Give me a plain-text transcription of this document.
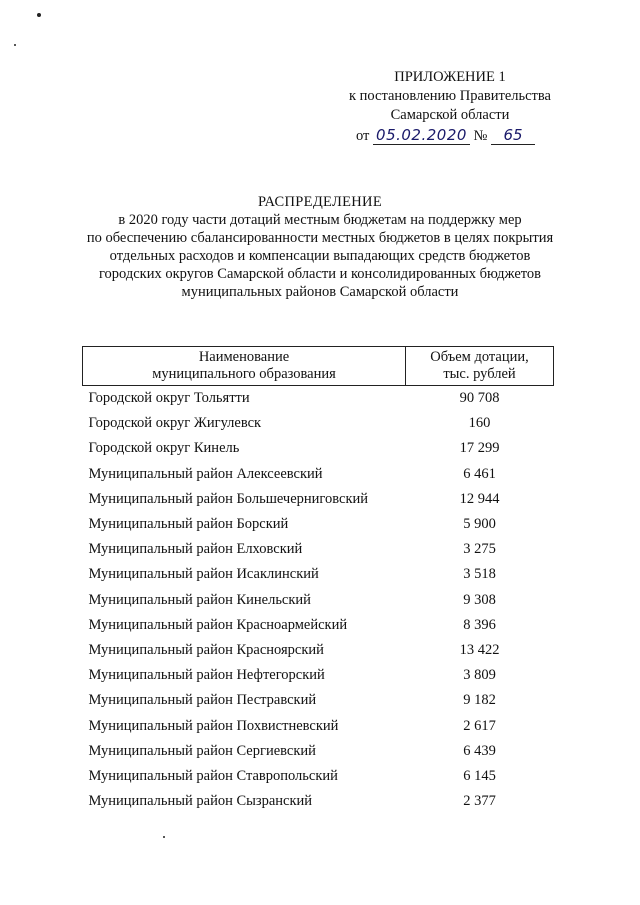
ПРИЛОЖЕНИЕ 1
к постановлению Правительства
Самарской области
от 05.02.2020 № 65
РАСПРЕДЕЛЕНИЕ
в 2020 году части дотаций местным бюджетам на поддержку мер
по обеспечению сбалансированности местных бюджетов в целях покрытия
отдельных расходов и компенсации выпадающих средств бюджетов
городских округов Самарской области и консолидированных бюджетов
муниципальных районов Самарской области
Наименование
муниципального образования	Объем дотации,
тыс. рублей
Городской округ Тольятти	90 708
Городской округ Жигулевск	160
Городской округ Кинель	17 299
Муниципальный район Алексеевский	6 461
Муниципальный район Большечерниговский	12 944
Муниципальный район Борский	5 900
Муниципальный район Елховский	3 275
Муниципальный район Исаклинский	3 518
Муниципальный район Кинельский	9 308
Муниципальный район Красноармейский	8 396
Муниципальный район Красноярский	13 422
Муниципальный район Нефтегорский	3 809
Муниципальный район Пестравский	9 182
Муниципальный район Похвистневский	2 617
Муниципальный район Сергиевский	6 439
Муниципальный район Ставропольский	6 145
Муниципальный район Сызранский	2 377
